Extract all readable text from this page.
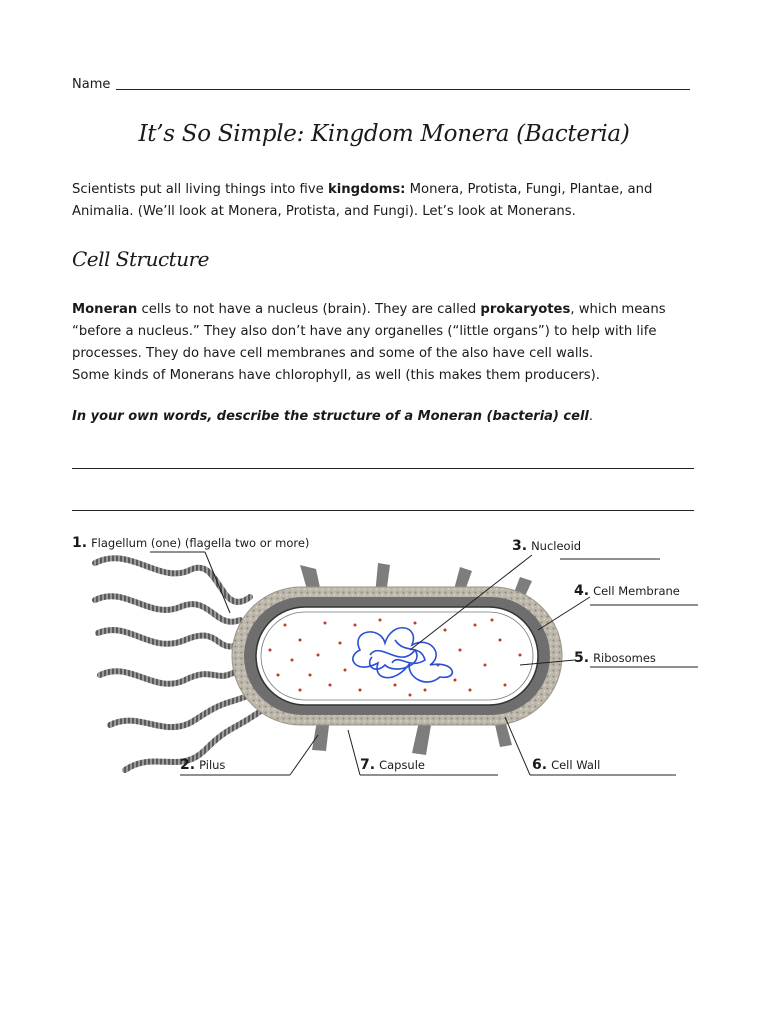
Name
It’s So Simple: Kingdom Monera (Bacteria)
Scientists put all living things into five kingdoms: Monera, Protista, Fungi, Plantae, and Animalia. (We’ll look at Monera, Protista, and Fungi). Let’s look at Monerans.
Cell Structure
Moneran cells to not have a nucleus (brain). They are called prokaryotes, which means “before a nucleus.” They also don’t have any organelles (“little organs”) to help with life processes. They do have cell membranes and some of the also have cell walls.
Some kinds of Monerans have chlorophyll, as well (this makes them producers).
In your own words, describe the structure of a Moneran (bacteria) cell.
1. Flagellum (one) (flagella two or more)
2. Pilus
3. Nucleoid
4. Cell Membrane
5. Ribosomes
6. Cell Wall
7. Capsule
